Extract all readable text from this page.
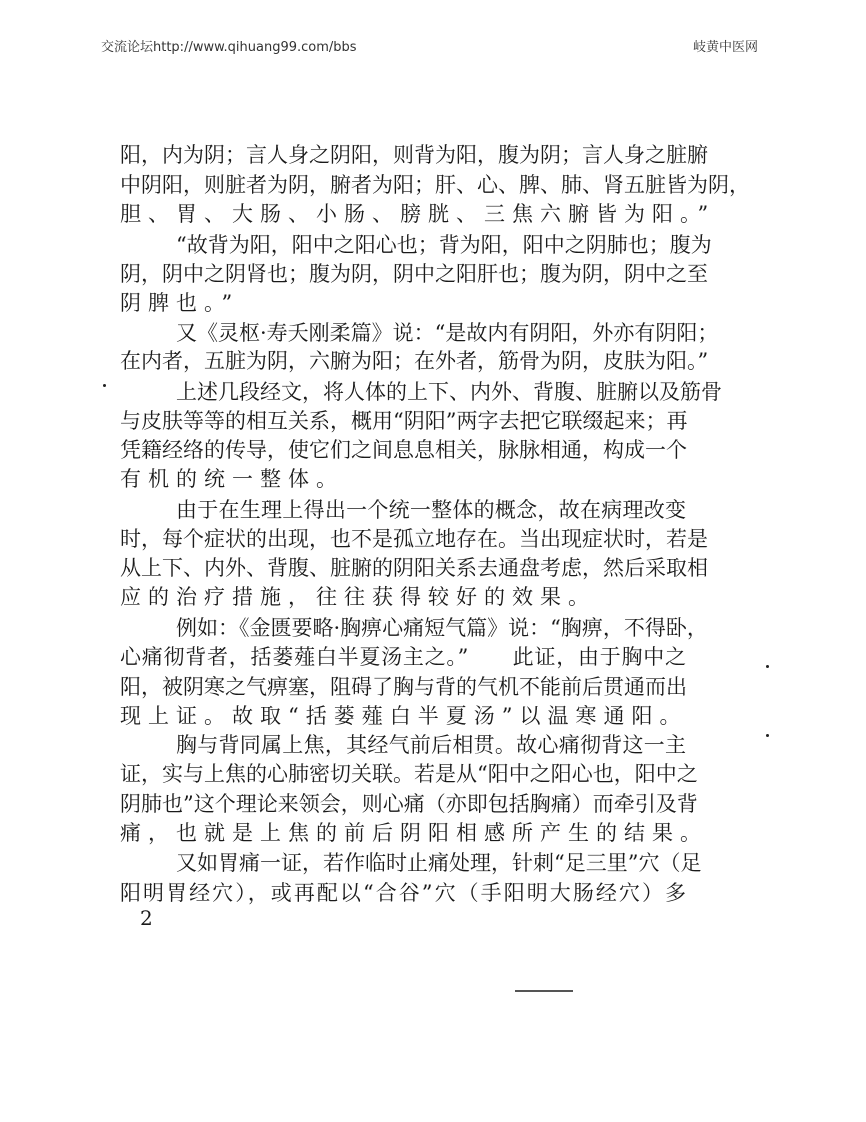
交流论坛http://www.qihuang99.com/bbs	岐黄中医网
阳，内为阴；言人身之阴阳，则背为阳，腹为阴；言人身之脏腑
中阴阳，则脏者为阴，腑者为阳；肝、心、脾、肺、肾五脏皆为阴，
胆、胃、大肠、小肠、膀胱、三焦六腑皆为阳。”
“故背为阳，阳中之阳心也；背为阳，阳中之阴肺也；腹为
阴，阴中之阴肾也；腹为阴，阴中之阳肝也；腹为阴，阴中之至
阴脾也。”
又《灵枢·寿夭刚柔篇》说：“是故内有阴阳，外亦有阴阳；
在内者，五脏为阴，六腑为阳；在外者，筋骨为阴，皮肤为阳。”
上述几段经文，将人体的上下、内外、背腹、脏腑以及筋骨
与皮肤等等的相互关系，概用“阴阳”两字去把它联缀起来；再
凭籍经络的传导，使它们之间息息相关，脉脉相通，构成一个
有机的统一整体。
由于在生理上得出一个统一整体的概念，故在病理改变
时，每个症状的出现，也不是孤立地存在。当出现症状时，若是
从上下、内外、背腹、脏腑的阴阳关系去通盘考虑，然后采取相
应的治疗措施，往往获得较好的效果。
例如：《金匮要略·胸痹心痛短气篇》说：“胸痹，不得卧，
心痛彻背者，括蒌薤白半夏汤主之。”　　此证，由于胸中之
阳，被阴寒之气痹塞，阻碍了胸与背的气机不能前后贯通而出
现上证。故取“括蒌薤白半夏汤”以温寒通阳。
胸与背同属上焦，其经气前后相贯。故心痛彻背这一主
证，实与上焦的心肺密切关联。若是从“阳中之阳心也，阳中之
阴肺也”这个理论来领会，则心痛（亦即包括胸痛）而牵引及背
痛，也就是上焦的前后阴阳相感所产生的结果。
又如胃痛一证，若作临时止痛处理，针刺“足三里”穴（足
阳明胃经穴），或再配以“合谷”穴（手阳明大肠经穴）多
2
